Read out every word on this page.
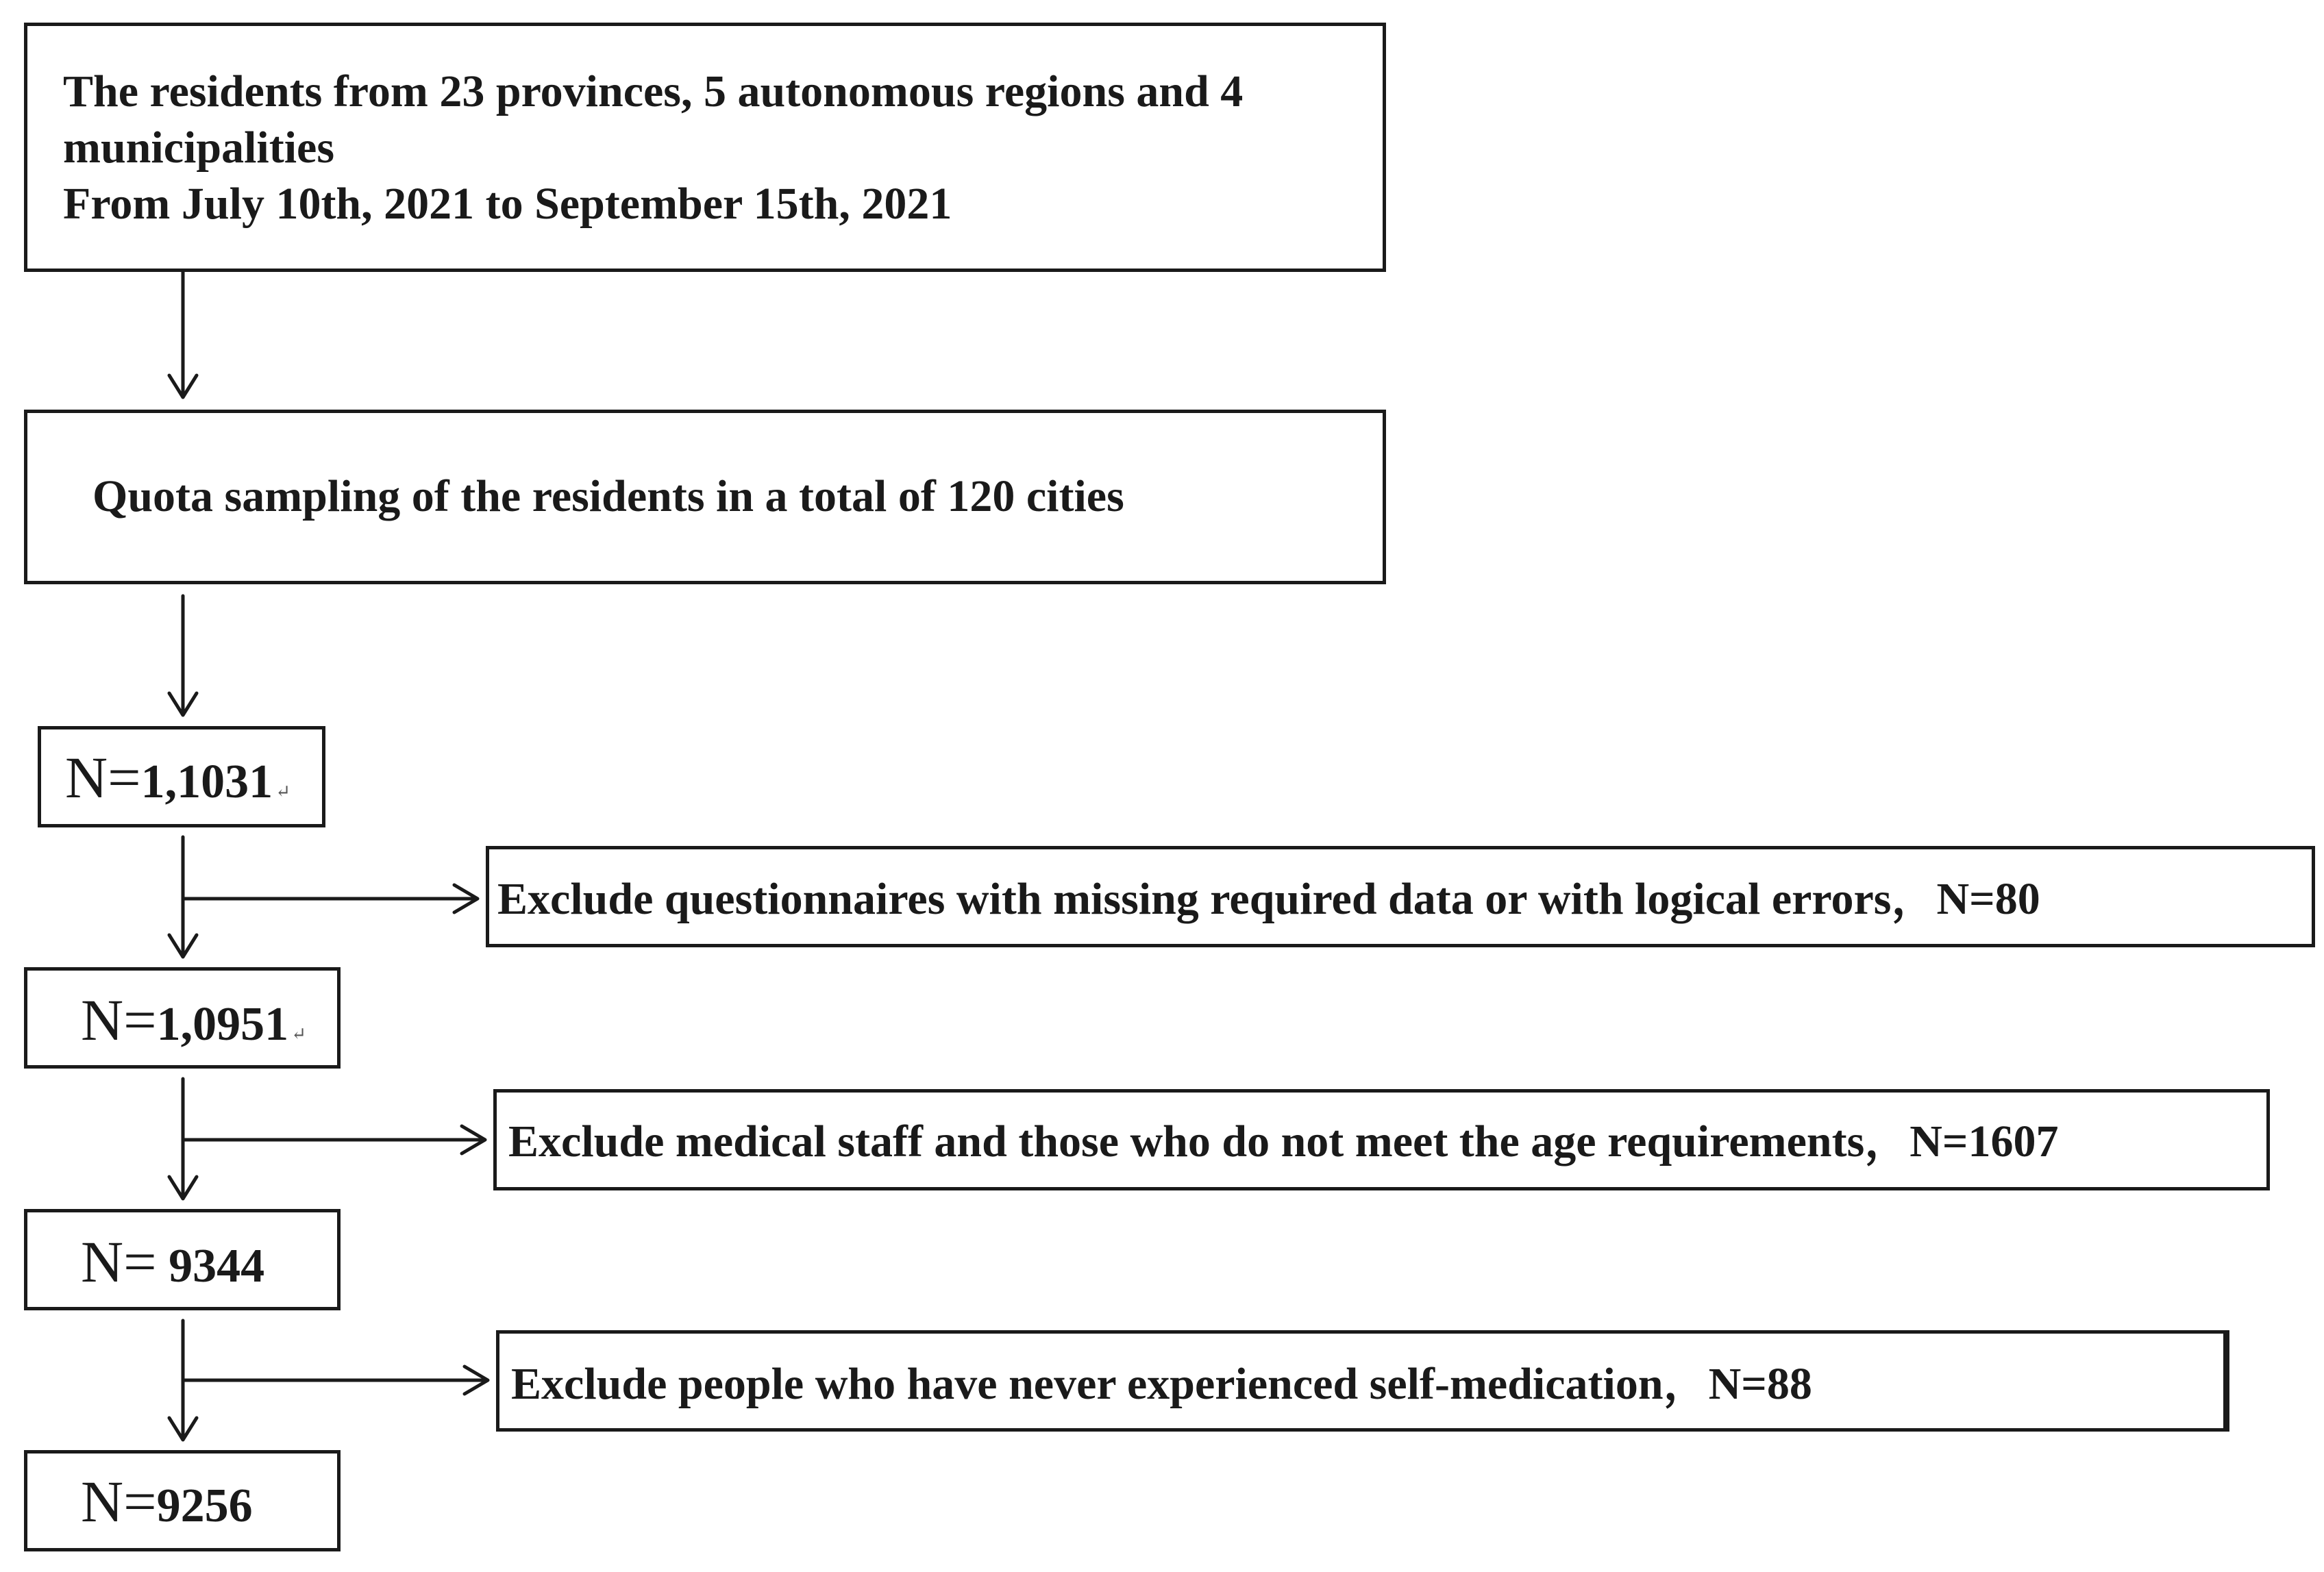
The residents from 23 provinces, 5 autonomous regions and 4
municipalities
From July 10th, 2021 to September 15th, 2021
Quota sampling of the residents in a total of 120 cities
N=1,1031 ↵
Exclude questionnaires with missing required data or with logical errors，N=80
N=1,0951 ↵
Exclude medical staff and those who do not meet the age requirements，N=1607
N= 9344
Exclude people who have never experienced self-medication，N=88
N=9256
